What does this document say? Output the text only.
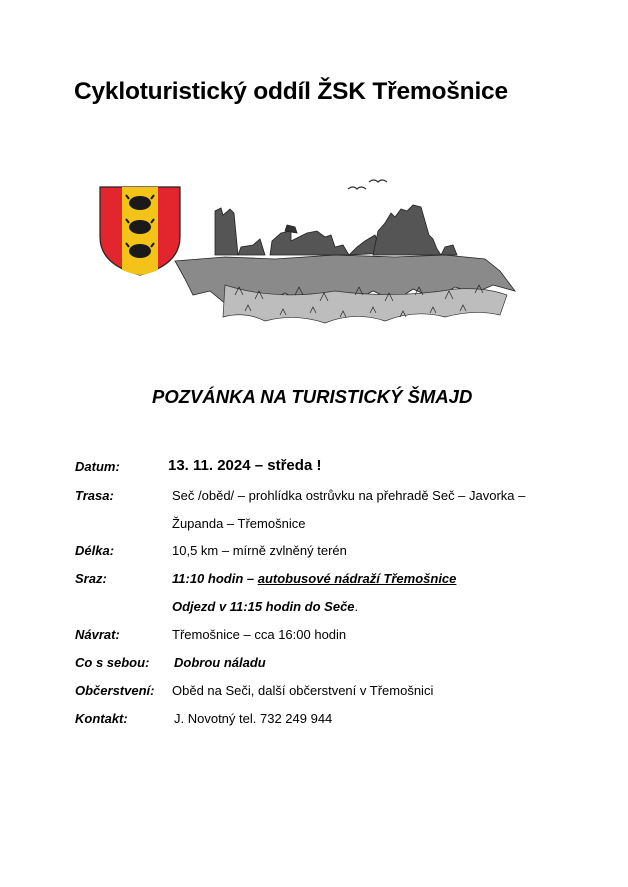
Cykloturistický oddíl ŽSK Třemošnice
POZVÁNKA NA TURISTICKÝ ŠMAJD
Datum:	13. 11. 2024 – středa !
Trasa:	Seč /oběd/ – prohlídka ostrůvku na přehradě Seč – Javorka –
Županda – Třemošnice
Délka:	10,5 km – mírně zvlněný terén
Sraz:	11:10 hodin – autobusové nádraží Třemošnice
Odjezd v 11:15 hodin do Seče.
Návrat:	Třemošnice – cca 16:00 hodin
Co s sebou: Dobrou náladu
Občerstvení: Oběd na Seči, další občerstvení v Třemošnici
Kontakt:	J. Novotný tel. 732 249 944
